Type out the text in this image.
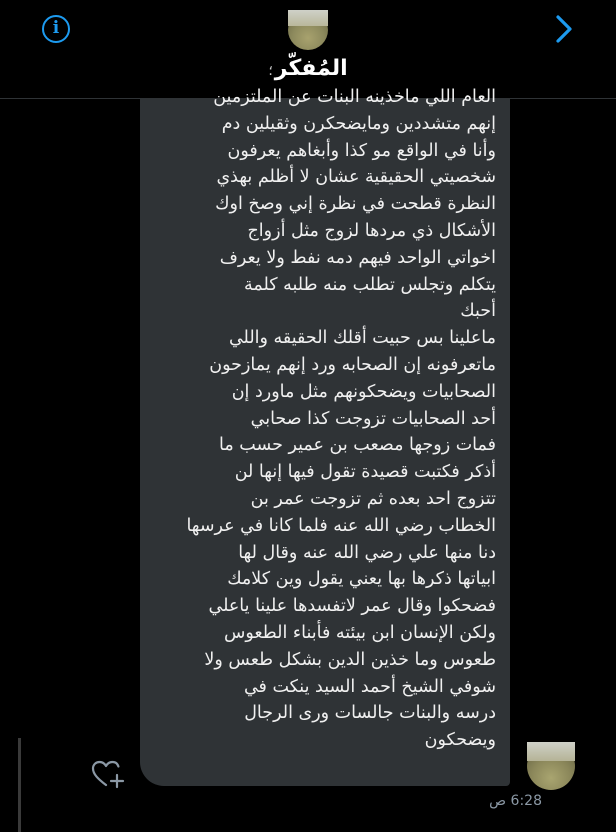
i
المُفكّر؛
العام اللي ماخذينه البنات عن الملتزمين
إنهم متشددين ومايضحكرن وثقيلين دم
وأنا في الواقع مو كذا وأبغاهم يعرفون
شخصيتي الحقيقية عشان لا أظلم بهذي
النظرة قطحت في نظرة إني وصخ اوك
الأشكال ذي مردها لزوج مثل أزواج
اخواتي الواحد فيهم دمه نفط ولا يعرف
يتكلم وتجلس تطلب منه طلبه كلمة
أحبك
ماعلينا بس حبيت أقلك الحقيقه واللي
ماتعرفونه إن الصحابه ورد إنهم يمازحون
الصحابيات ويضحكونهم مثل ماورد إن
أحد الصحابيات تزوجت كذا صحابي
فمات زوجها مصعب بن عمير حسب ما
أذكر فكتبت قصيدة تقول فيها إنها لن
تتزوج احد بعده ثم تزوجت عمر بن
الخطاب رضي الله عنه فلما كانا في عرسها
دنا منها علي رضي الله عنه وقال لها
ابياتها ذكرها بها يعني يقول وين كلامك
فضحكوا وقال عمر لاتفسدها علينا ياعلي
ولكن الإنسان ابن بيئته فأبناء الطعوس
طعوس وما خذين الدين بشكل طعس ولا
شوفي الشيخ أحمد السيد ينكت في
درسه والبنات جالسات ورى الرجال
ويضحكون
6:28 ص
